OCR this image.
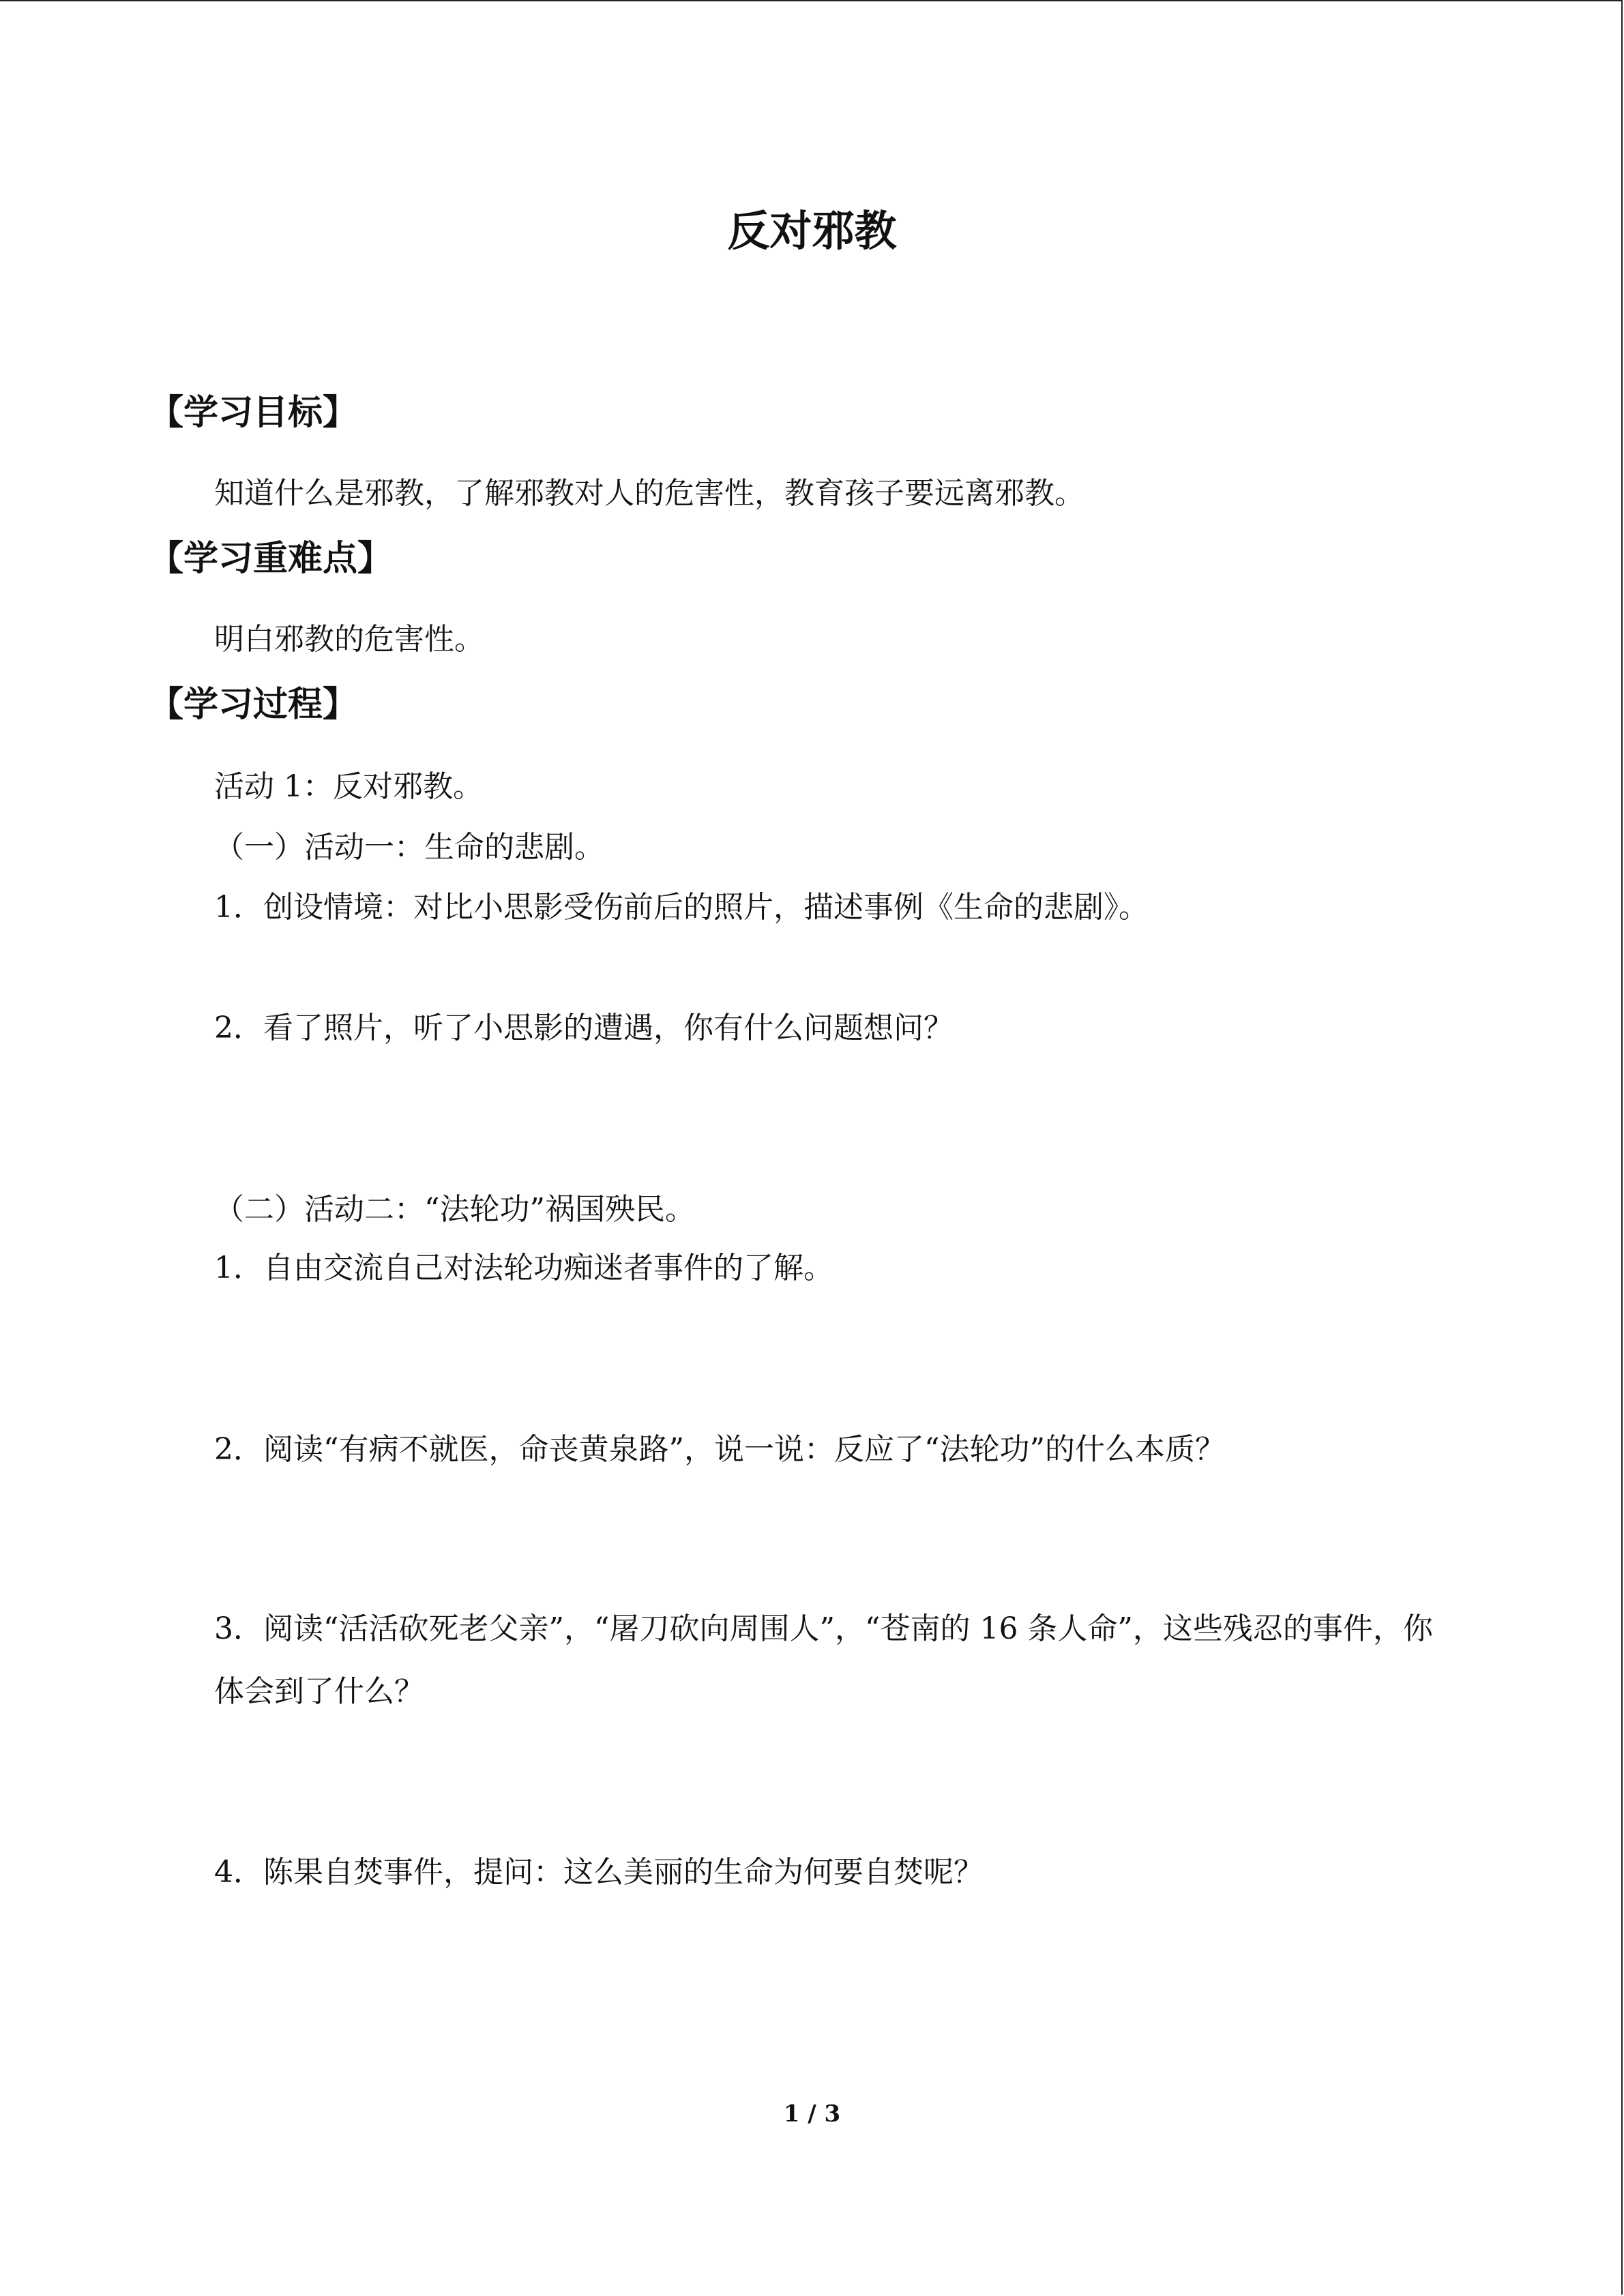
反对邪教
【学习目标】
知道什么是邪教，了解邪教对人的危害性，教育孩子要远离邪教。
【学习重难点】
明白邪教的危害性。
【学习过程】
活动 1：反对邪教。
（一）活动一：生命的悲剧。
1．创设情境：对比小思影受伤前后的照片，描述事例《生命的悲剧》。
2．看了照片，听了小思影的遭遇，你有什么问题想问？
（二）活动二：“法轮功”祸国殃民。
1．自由交流自己对法轮功痴迷者事件的了解。
2．阅读“有病不就医，命丧黄泉路”，说一说：反应了“法轮功”的什么本质？
3．阅读“活活砍死老父亲”，“屠刀砍向周围人”，“苍南的 16 条人命”，这些残忍的事件，你体会到了什么？
4．陈果自焚事件，提问：这么美丽的生命为何要自焚呢？
1 / 3
